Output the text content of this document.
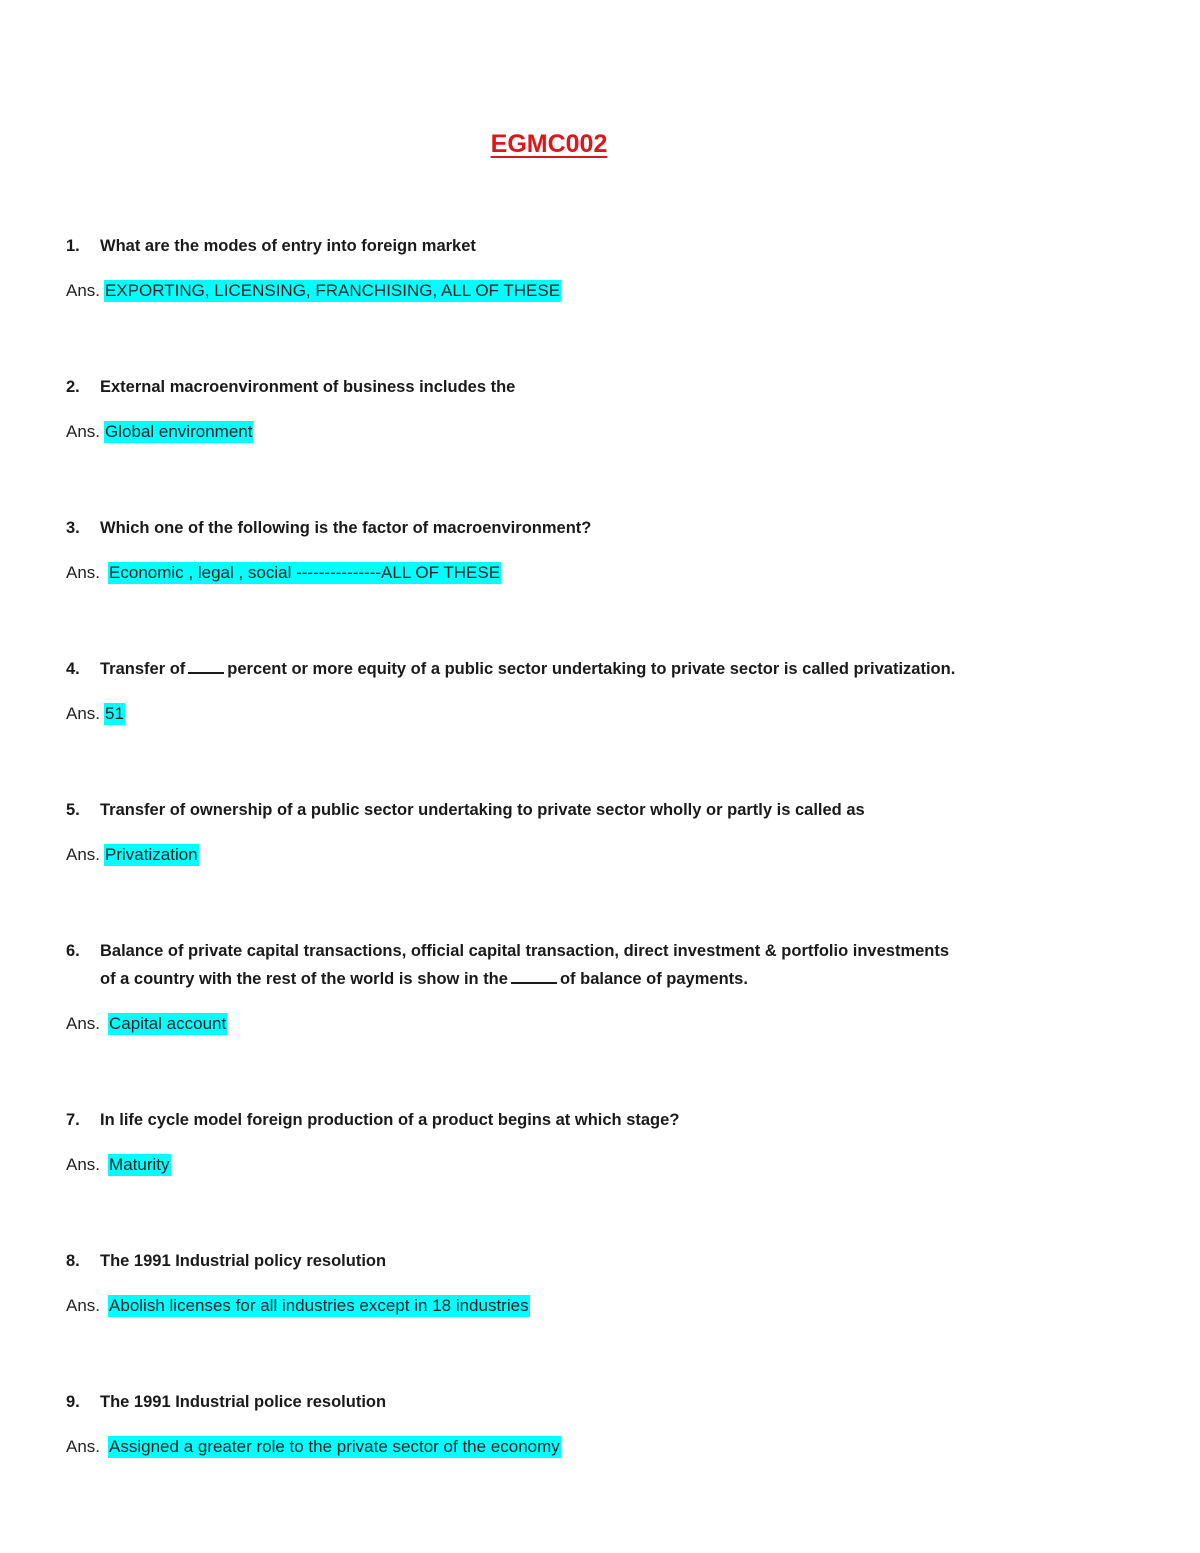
EGMC002
1.	What are the modes of entry into foreign market
Ans. EXPORTING, LICENSING, FRANCHISING, ALL OF THESE
2.	External macroenvironment of business includes the
Ans. Global environment
3.	Which one of the following is the factor of macroenvironment?
Ans. Economic , legal , social ---------------ALL OF THESE
4.	Transfer of	percent or more equity of a public sector undertaking to private sector is called privatization.
Ans. 51
5.	Transfer of ownership of a public sector undertaking to private sector wholly or partly is called as
Ans. Privatization
6.	Balance of private capital transactions, official capital transaction, direct investment & portfolio investments
of a country with the rest of the world is show in the	of balance of payments.
Ans. Capital account
7.	In life cycle model foreign production of a product begins at which stage?
Ans. Maturity
8.	The 1991 Industrial policy resolution
Ans. Abolish licenses for all industries except in 18 industries
9.	The 1991 Industrial police resolution
Ans. Assigned a greater role to the private sector of the economy
